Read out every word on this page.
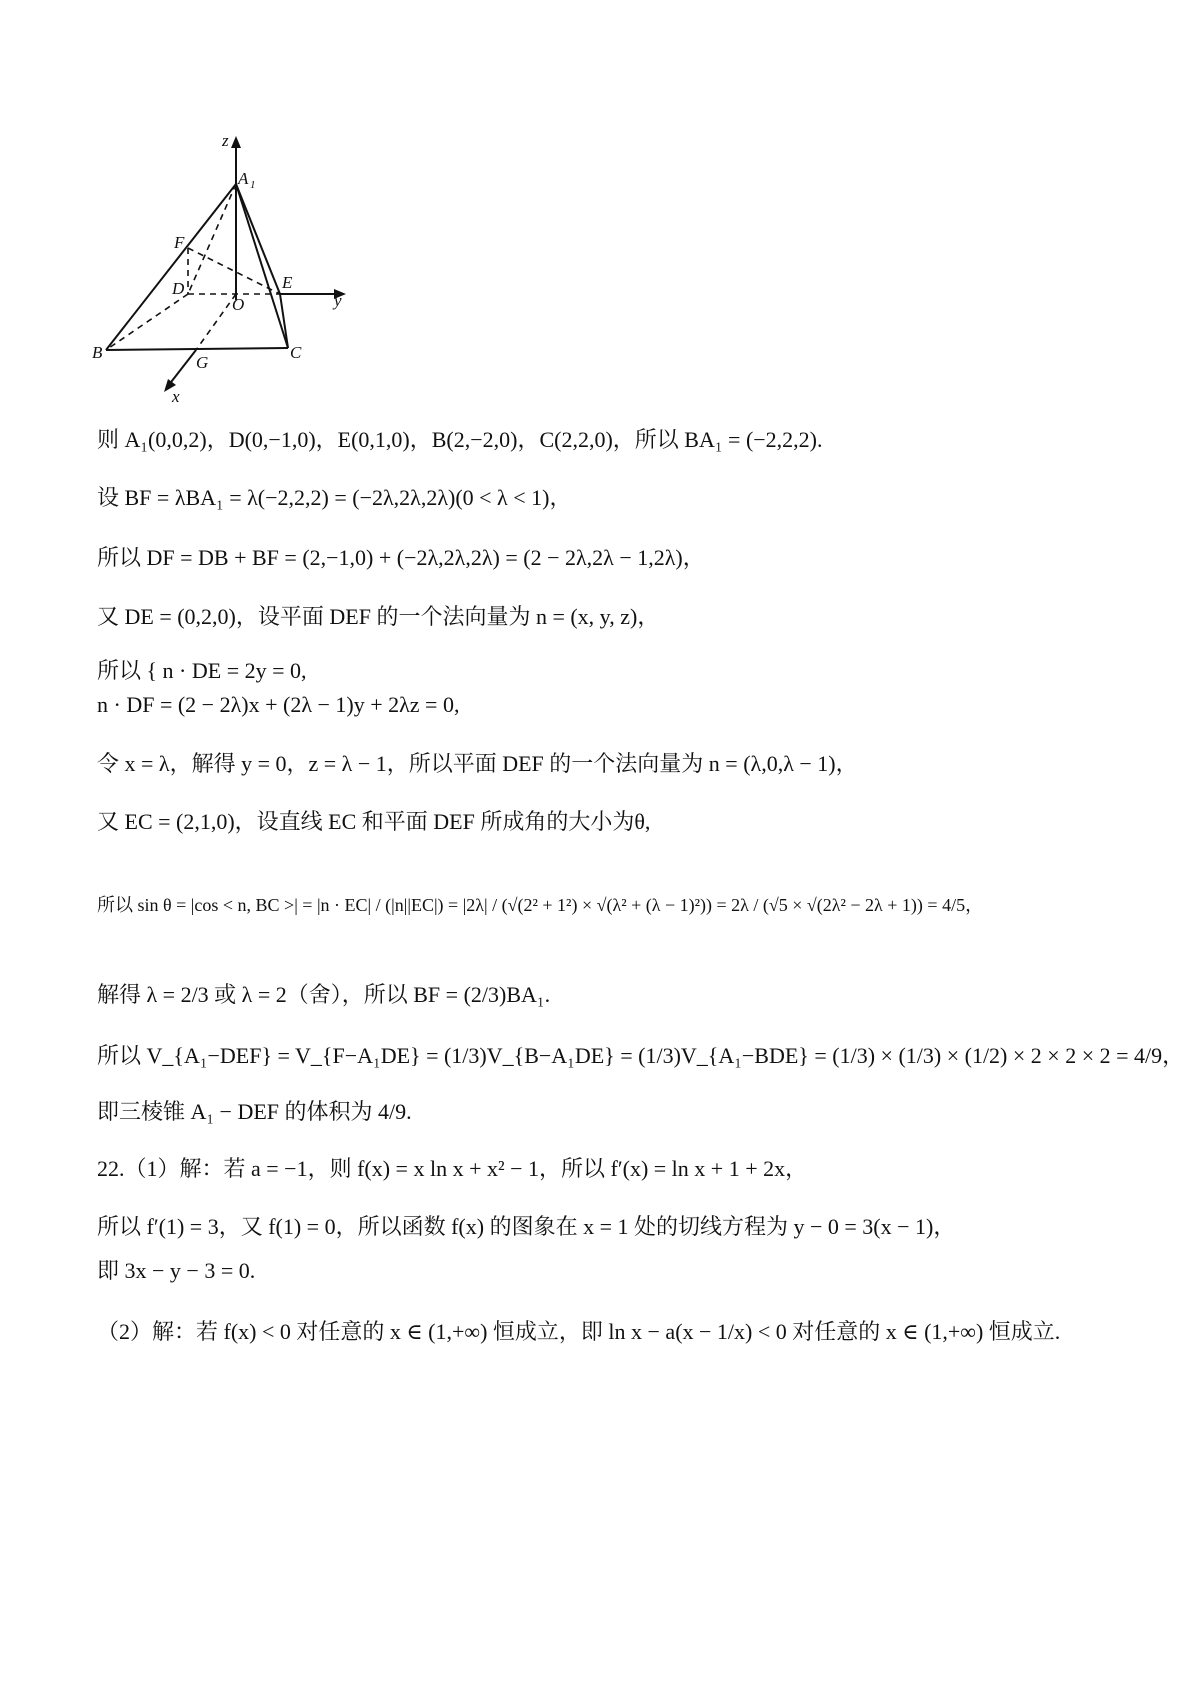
z
y
x
A 1
F
D
O
E
B
G
C
则 A₁(0,0,2)，D(0,−1,0)，E(0,1,0)，B(2,−2,0)，C(2,2,0)，所以 BA₁ = (−2,2,2).
设 BF = λBA₁ = λ(−2,2,2) = (−2λ,2λ,2λ)(0 < λ < 1)，
所以 DF = DB + BF = (2,−1,0) + (−2λ,2λ,2λ) = (2 − 2λ,2λ − 1,2λ)，
又 DE = (0,2,0)，设平面 DEF 的一个法向量为 n = (x, y, z)，
所以 { n · DE = 2y = 0,
n · DF = (2 − 2λ)x + (2λ − 1)y + 2λz = 0,
令 x = λ，解得 y = 0，z = λ − 1，所以平面 DEF 的一个法向量为 n = (λ,0,λ − 1)，
又 EC = (2,1,0)，设直线 EC 和平面 DEF 所成角的大小为θ,
所以 sin θ = |cos < n, BC >| = |n · EC| / (|n||EC|) = |2λ| / (√(2² + 1²) × √(λ² + (λ − 1)²)) = 2λ / (√5 × √(2λ² − 2λ + 1)) = 4/5，
解得 λ = 2/3 或 λ = 2（舍），所以 BF = (2/3)BA₁.
所以 V_{A₁−DEF} = V_{F−A₁DE} = (1/3)V_{B−A₁DE} = (1/3)V_{A₁−BDE} = (1/3) × (1/3) × (1/2) × 2 × 2 × 2 = 4/9，
即三棱锥 A₁ − DEF 的体积为 4/9.
22.（1）解：若 a = −1，则 f(x) = x ln x + x² − 1，所以 f′(x) = ln x + 1 + 2x，
所以 f′(1) = 3，又 f(1) = 0，所以函数 f(x) 的图象在 x = 1 处的切线方程为 y − 0 = 3(x − 1)，
即 3x − y − 3 = 0.
（2）解：若 f(x) < 0 对任意的 x ∈ (1,+∞) 恒成立，即 ln x − a(x − 1/x) < 0 对任意的 x ∈ (1,+∞) 恒成立.
